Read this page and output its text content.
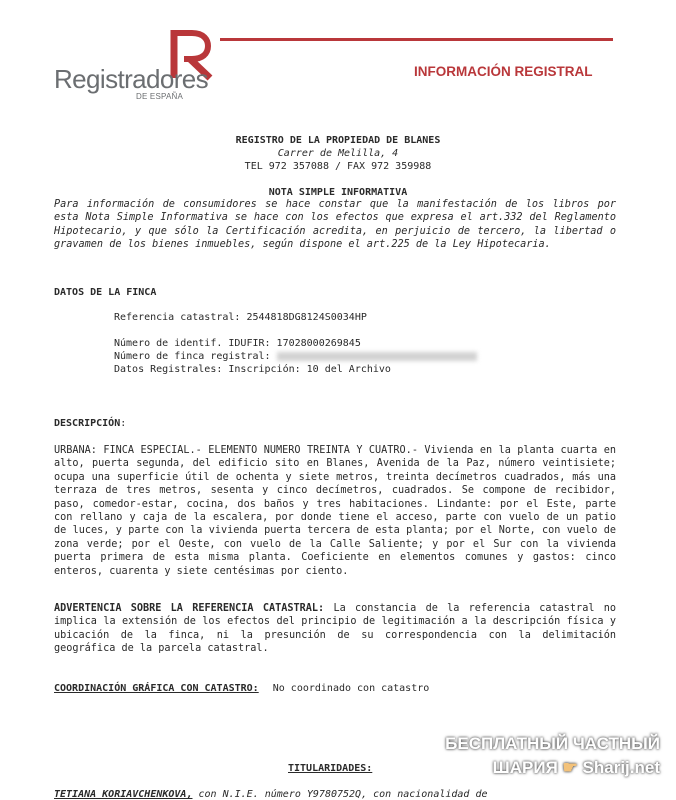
Registradores
DE ESPAÑA
INFORMACIÓN REGISTRAL
REGISTRO DE LA PROPIEDAD DE BLANES
Carrer de Melilla, 4
TEL 972 357088 / FAX 972 359988
NOTA SIMPLE INFORMATIVA

Para información de consumidores se hace constar que la manifestación de los libros por esta Nota Simple Informativa se hace con los efectos que expresa el art.332 del Reglamento Hipotecario, y que sólo la Certificación acredita, en perjuicio de tercero, la libertad o gravamen de los bienes inmuebles, según dispone el art.225 de la Ley Hipotecaria.

DATOS DE LA FINCA
Referencia catastral: 2544818DG8124S0034HP
Número de identif. IDUFIR: 17028000269845
Número de finca registral:
Datos Registrales: Inscripción: 10 del Archivo
DESCRIPCIÓN:

URBANA: FINCA ESPECIAL.- ELEMENTO NUMERO TREINTA Y CUATRO.- Vivienda en la planta cuarta en alto, puerta segunda, del edificio sito en Blanes, Avenida de la Paz, número veintisiete; ocupa una superficie útil de ochenta y siete metros, treinta decímetros cuadrados, más una terraza de tres metros, sesenta y cinco decímetros, cuadrados. Se compone de recibidor, paso, comedor-estar, cocina, dos baños y tres habitaciones. Lindante: por el Este, parte con rellano y caja de la escalera, por donde tiene el acceso, parte con vuelo de un patio de luces, y parte con la vivienda puerta tercera de esta planta; por el Norte, con vuelo de zona verde; por el Oeste, con vuelo de la Calle Saliente; y por el Sur con la vivienda puerta primera de esta misma planta. Coeficiente en elementos comunes y gastos: cinco enteros, cuarenta y siete centésimas por ciento.

ADVERTENCIA SOBRE LA REFERENCIA CATASTRAL: La constancia de la referencia catastral no implica la extensión de los efectos del principio de legitimación a la descripción física y ubicación de la finca, ni la presunción de su correspondencia con la delimitación geográfica de la parcela catastral.

COORDINACIÓN GRÁFICA CON CATASTRO: No coordinado con catastro
TITULARIDADES:
TETIANA KORIAVCHENKOVA, con N.I.E. número Y9780752Q, con nacionalidad de
БЕСПЛАТНЫЙ ЧАСТНЫЙ
ШАРИЯ ☛ Sharij.net
